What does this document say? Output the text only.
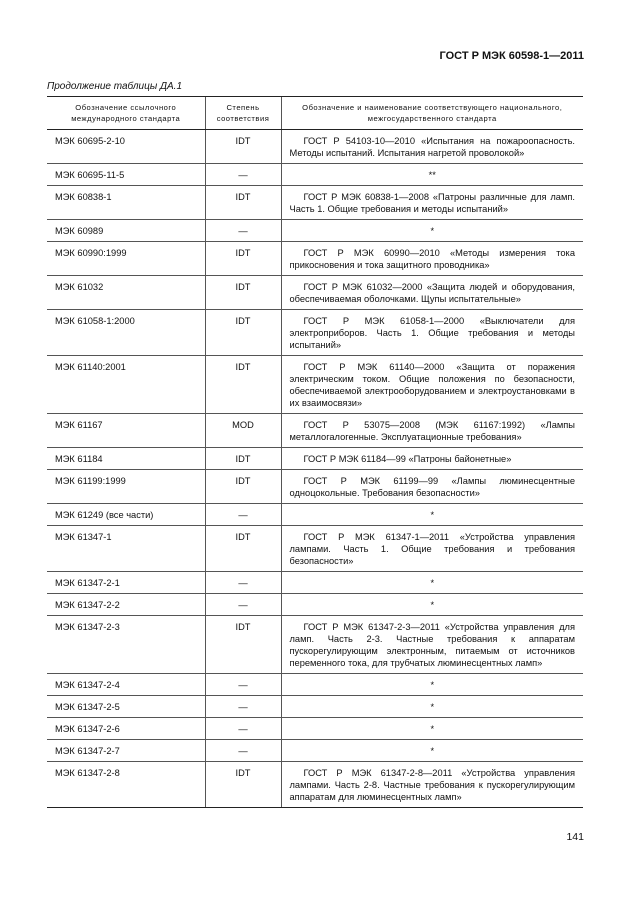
ГОСТ Р МЭК 60598-1—2011
Продолжение таблицы ДА.1
Обозначение ссылочного международного стандарта	Степень соответствия	Обозначение и наименование соответствующего национального, межгосударственного стандарта
МЭК 60695-2-10	IDT	ГОСТ Р 54103-10—2010 «Испытания на пожароопасность. Методы испытаний. Испытания нагретой проволокой»

МЭК 60695-11-5	—	**

МЭК 60838-1	IDT	ГОСТ Р МЭК 60838-1—2008 «Патроны различные для ламп. Часть 1. Общие требования и методы испытаний»

МЭК 60989	—	*

МЭК 60990:1999	IDT	ГОСТ Р МЭК 60990—2010 «Методы измерения тока прикосновения и тока защитного проводника»

МЭК 61032	IDT	ГОСТ Р МЭК 61032—2000 «Защита людей и оборудования, обеспечиваемая оболочками. Щупы испытательные»

МЭК 61058-1:2000	IDT	ГОСТ Р МЭК 61058-1—2000 «Выключатели для электроприборов. Часть 1. Общие требования и методы испытаний»

МЭК 61140:2001	IDT	ГОСТ Р МЭК 61140—2000 «Защита от поражения электрическим током. Общие положения по безопасности, обеспечиваемой электрооборудованием и электроустановками в их взаимосвязи»

МЭК 61167	MOD	ГОСТ Р 53075—2008 (МЭК 61167:1992) «Лампы металлогалогенные. Эксплуатационные требования»

МЭК 61184	IDT	ГОСТ Р МЭК 61184—99 «Патроны байонетные»

МЭК 61199:1999	IDT	ГОСТ Р МЭК 61199—99 «Лампы люминесцентные одноцокольные. Требования безопасности»

МЭК 61249 (все части)	—	*

МЭК 61347-1	IDT	ГОСТ Р МЭК 61347-1—2011 «Устройства управления лампами. Часть 1. Общие требования и требования безопасности»

МЭК 61347-2-1	—	*

МЭК 61347-2-2	—	*

МЭК 61347-2-3	IDT	ГОСТ Р МЭК 61347-2-3—2011 «Устройства управления для ламп. Часть 2-3. Частные требования к аппаратам пускорегулирующим электронным, питаемым от источников переменного тока, для трубчатых люминесцентных ламп»

МЭК 61347-2-4	—	*

МЭК 61347-2-5	—	*

МЭК 61347-2-6	—	*

МЭК 61347-2-7	—	*

МЭК 61347-2-8	IDT	ГОСТ Р МЭК 61347-2-8—2011 «Устройства управления лампами. Часть 2-8. Частные требования к пускорегулирующим аппаратам для люминесцентных ламп»
141
